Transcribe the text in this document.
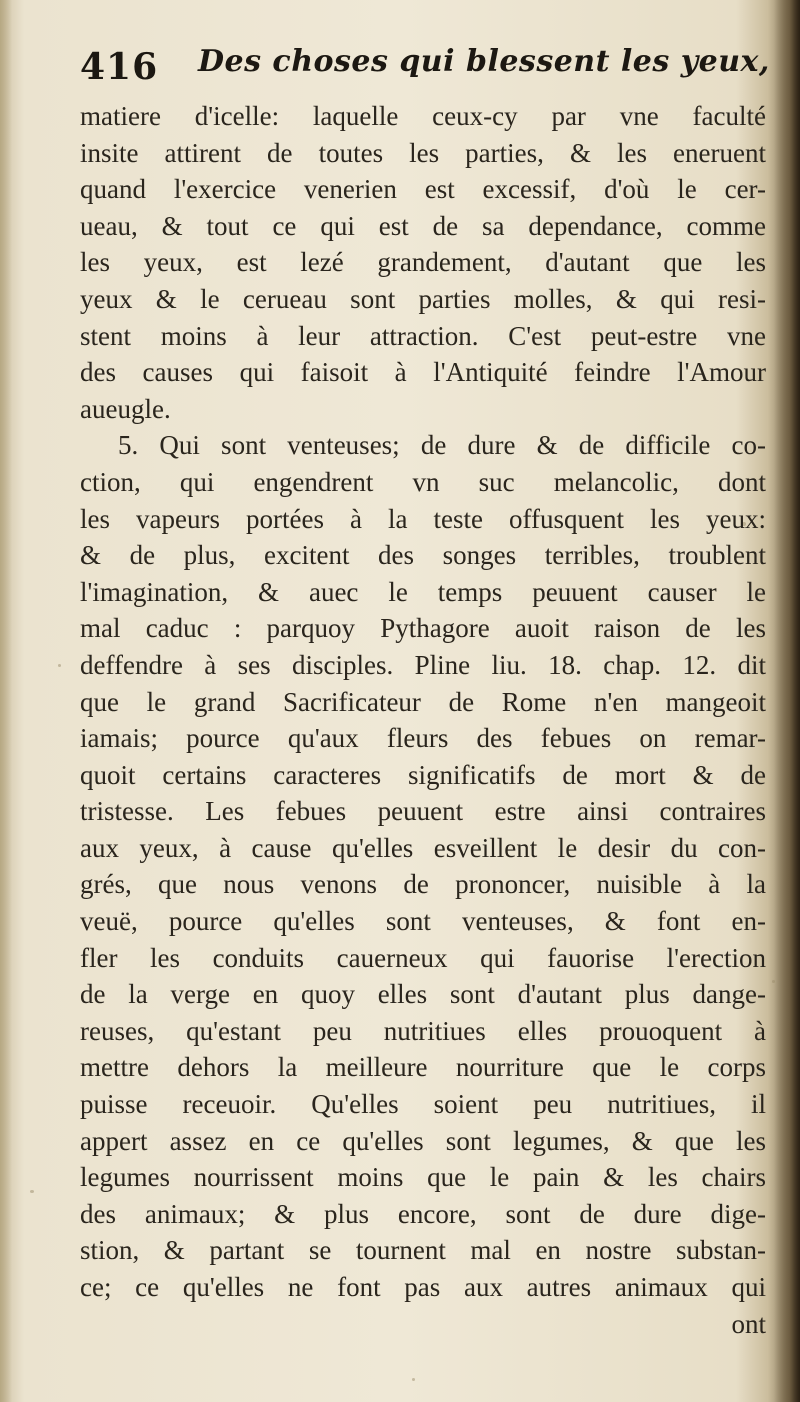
416 Des choses qui blessent les yeux,
matiere d'icelle: laquelle ceux-cy par vne faculté
insite attirent de toutes les parties, & les eneruent
quand l'exercice venerien est excessif, d'où le cer-
ueau, & tout ce qui est de sa dependance, comme
les yeux, est lezé grandement, d'autant que les
yeux & le cerueau sont parties molles, & qui resi-
stent moins à leur attraction. C'est peut-estre vne
des causes qui faisoit à l'Antiquité feindre l'Amour
aueugle.
5. Qui sont venteuses; de dure & de difficile co-
ction, qui engendrent vn suc melancolic, dont
les vapeurs portées à la teste offusquent les yeux:
& de plus, excitent des songes terribles, troublent
l'imagination, & auec le temps peuuent causer le
mal caduc : parquoy Pythagore auoit raison de les
deffendre à ses disciples. Pline liu. 18. chap. 12. dit
que le grand Sacrificateur de Rome n'en mangeoit
iamais; pource qu'aux fleurs des febues on remar-
quoit certains caracteres significatifs de mort & de
tristesse. Les febues peuuent estre ainsi contraires
aux yeux, à cause qu'elles esveillent le desir du con-
grés, que nous venons de prononcer, nuisible à la
veuë, pource qu'elles sont venteuses, & font en-
fler les conduits cauerneux qui fauorise l'erection
de la verge en quoy elles sont d'autant plus dange-
reuses, qu'estant peu nutritiues elles prouoquent à
mettre dehors la meilleure nourriture que le corps
puisse receuoir. Qu'elles soient peu nutritiues, il
appert assez en ce qu'elles sont legumes, & que les
legumes nourrissent moins que le pain & les chairs
des animaux; & plus encore, sont de dure dige-
stion, & partant se tournent mal en nostre substan-
ce; ce qu'elles ne font pas aux autres animaux qui
ont
